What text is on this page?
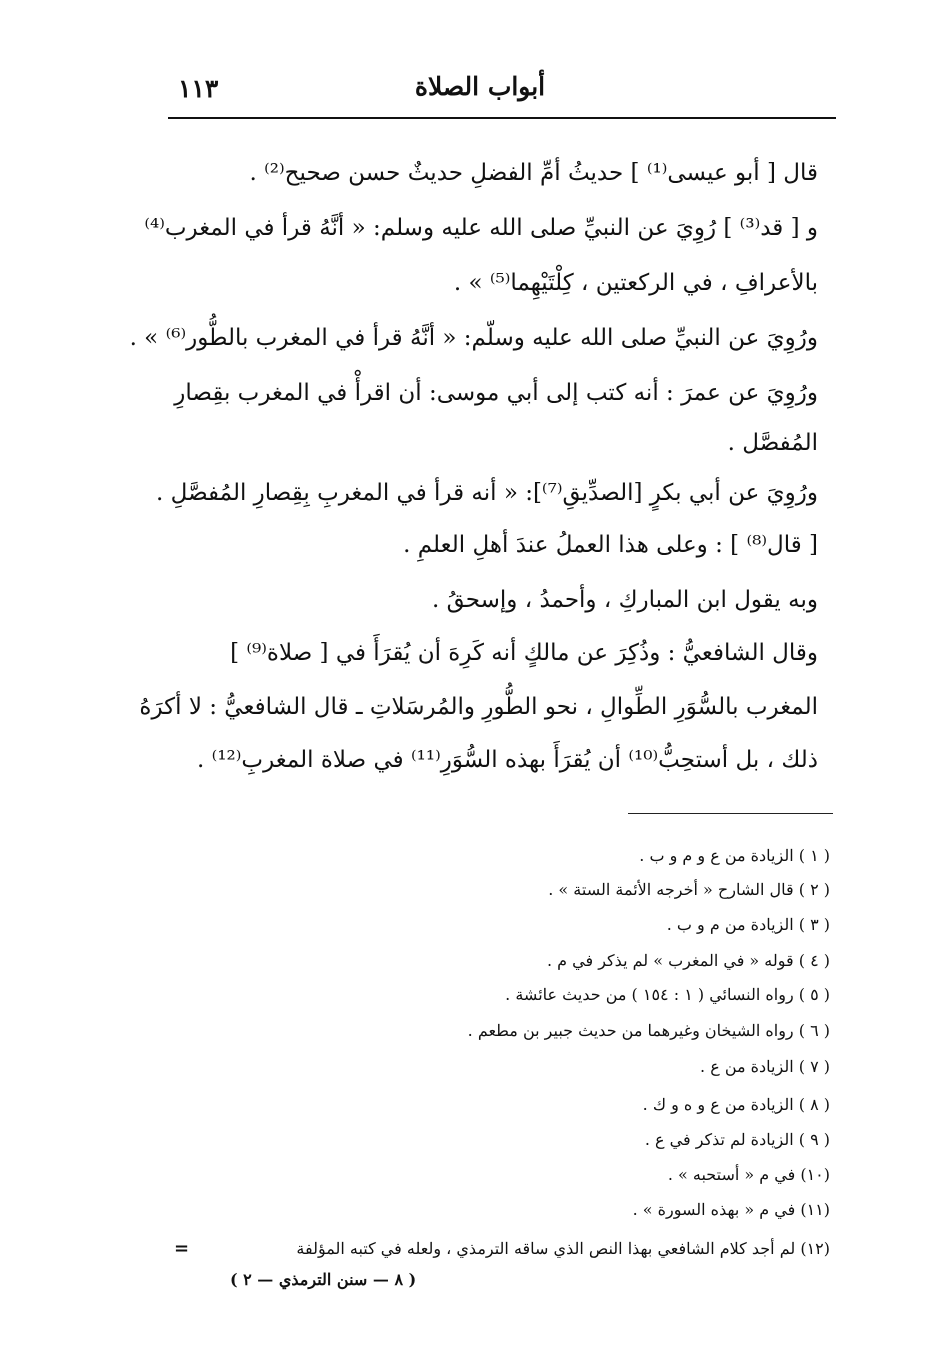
١١٣	أبواب الصلاة
قال [ أبو عيسى⁽¹⁾ ] حديثُ أمِّ الفضلِ حديثٌ حسن صحيح⁽²⁾ .
و [ قد⁽³⁾ ] رُوِيَ عن النبيِّ صلى الله عليه وسلم: « أنَّهُ قرأ في المغرب⁽⁴⁾
بالأعرافِ ، في الركعتين ، كِلْتَيْهِما⁽⁵⁾ » .
ورُوِيَ عن النبيِّ صلى الله عليه وسلّم: « أنَّهُ قرأ في المغرب بالطُّور⁽⁶⁾ » .
ورُوِيَ عن عمرَ : أنه كتب إلى أبي موسى: أن اقرأْ في المغرب بقِصارِ
المُفصَّل .
ورُوِيَ عن أبي بكرٍ [الصدِّيقِ⁽⁷⁾]: « أنه قرأ في المغربِ بِقِصارِ المُفصَّلِ .
[ قال⁽⁸⁾ ] : وعلى هذا العملُ عندَ أهلِ العلمِ .
وبه يقول ابن المباركِ ، وأحمدُ ، وإسحقُ .
وقال الشافعيُّ : وذُكِرَ عن مالكٍ أنه كَرِهَ أن يُقرَأَ في [ صلاة⁽⁹⁾ ]
المغرب بالسُّوَرِ الطِّوالِ ، نحو الطُّورِ والمُرسَلاتِ ـ قال الشافعيُّ : لا أكرَهُ
ذلك ، بل أستحِبُّ⁽¹⁰⁾ أن يُقرَأَ بهذه السُّوَرِ⁽¹¹⁾ في صلاة المغربِ⁽¹²⁾ .
( ١ ) الزيادة من ع و م و ب .
( ٢ ) قال الشارح « أخرجه الأئمة الستة » .
( ٣ ) الزيادة من م و ب .
( ٤ ) قوله « في المغرب » لم يذكر في م .
( ٥ ) رواه النسائي ( ١ : ١٥٤ ) من حديث عائشة .
( ٦ ) رواه الشيخان وغيرهما من حديث جبير بن مطعم .
( ٧ ) الزيادة من ع .
( ٨ ) الزيادة من ع و ه و ك .
( ٩ ) الزيادة لم تذكر في ع .
(١٠) في م « أستحبه » .
(١١) في م « بهذه السورة » .
(١٢) لم أجد كلام الشافعي بهذا النص الذي ساقه الترمذي ، ولعله في كتبه المؤلفة
=
( ٨ — سنن الترمذي — ٢ )
